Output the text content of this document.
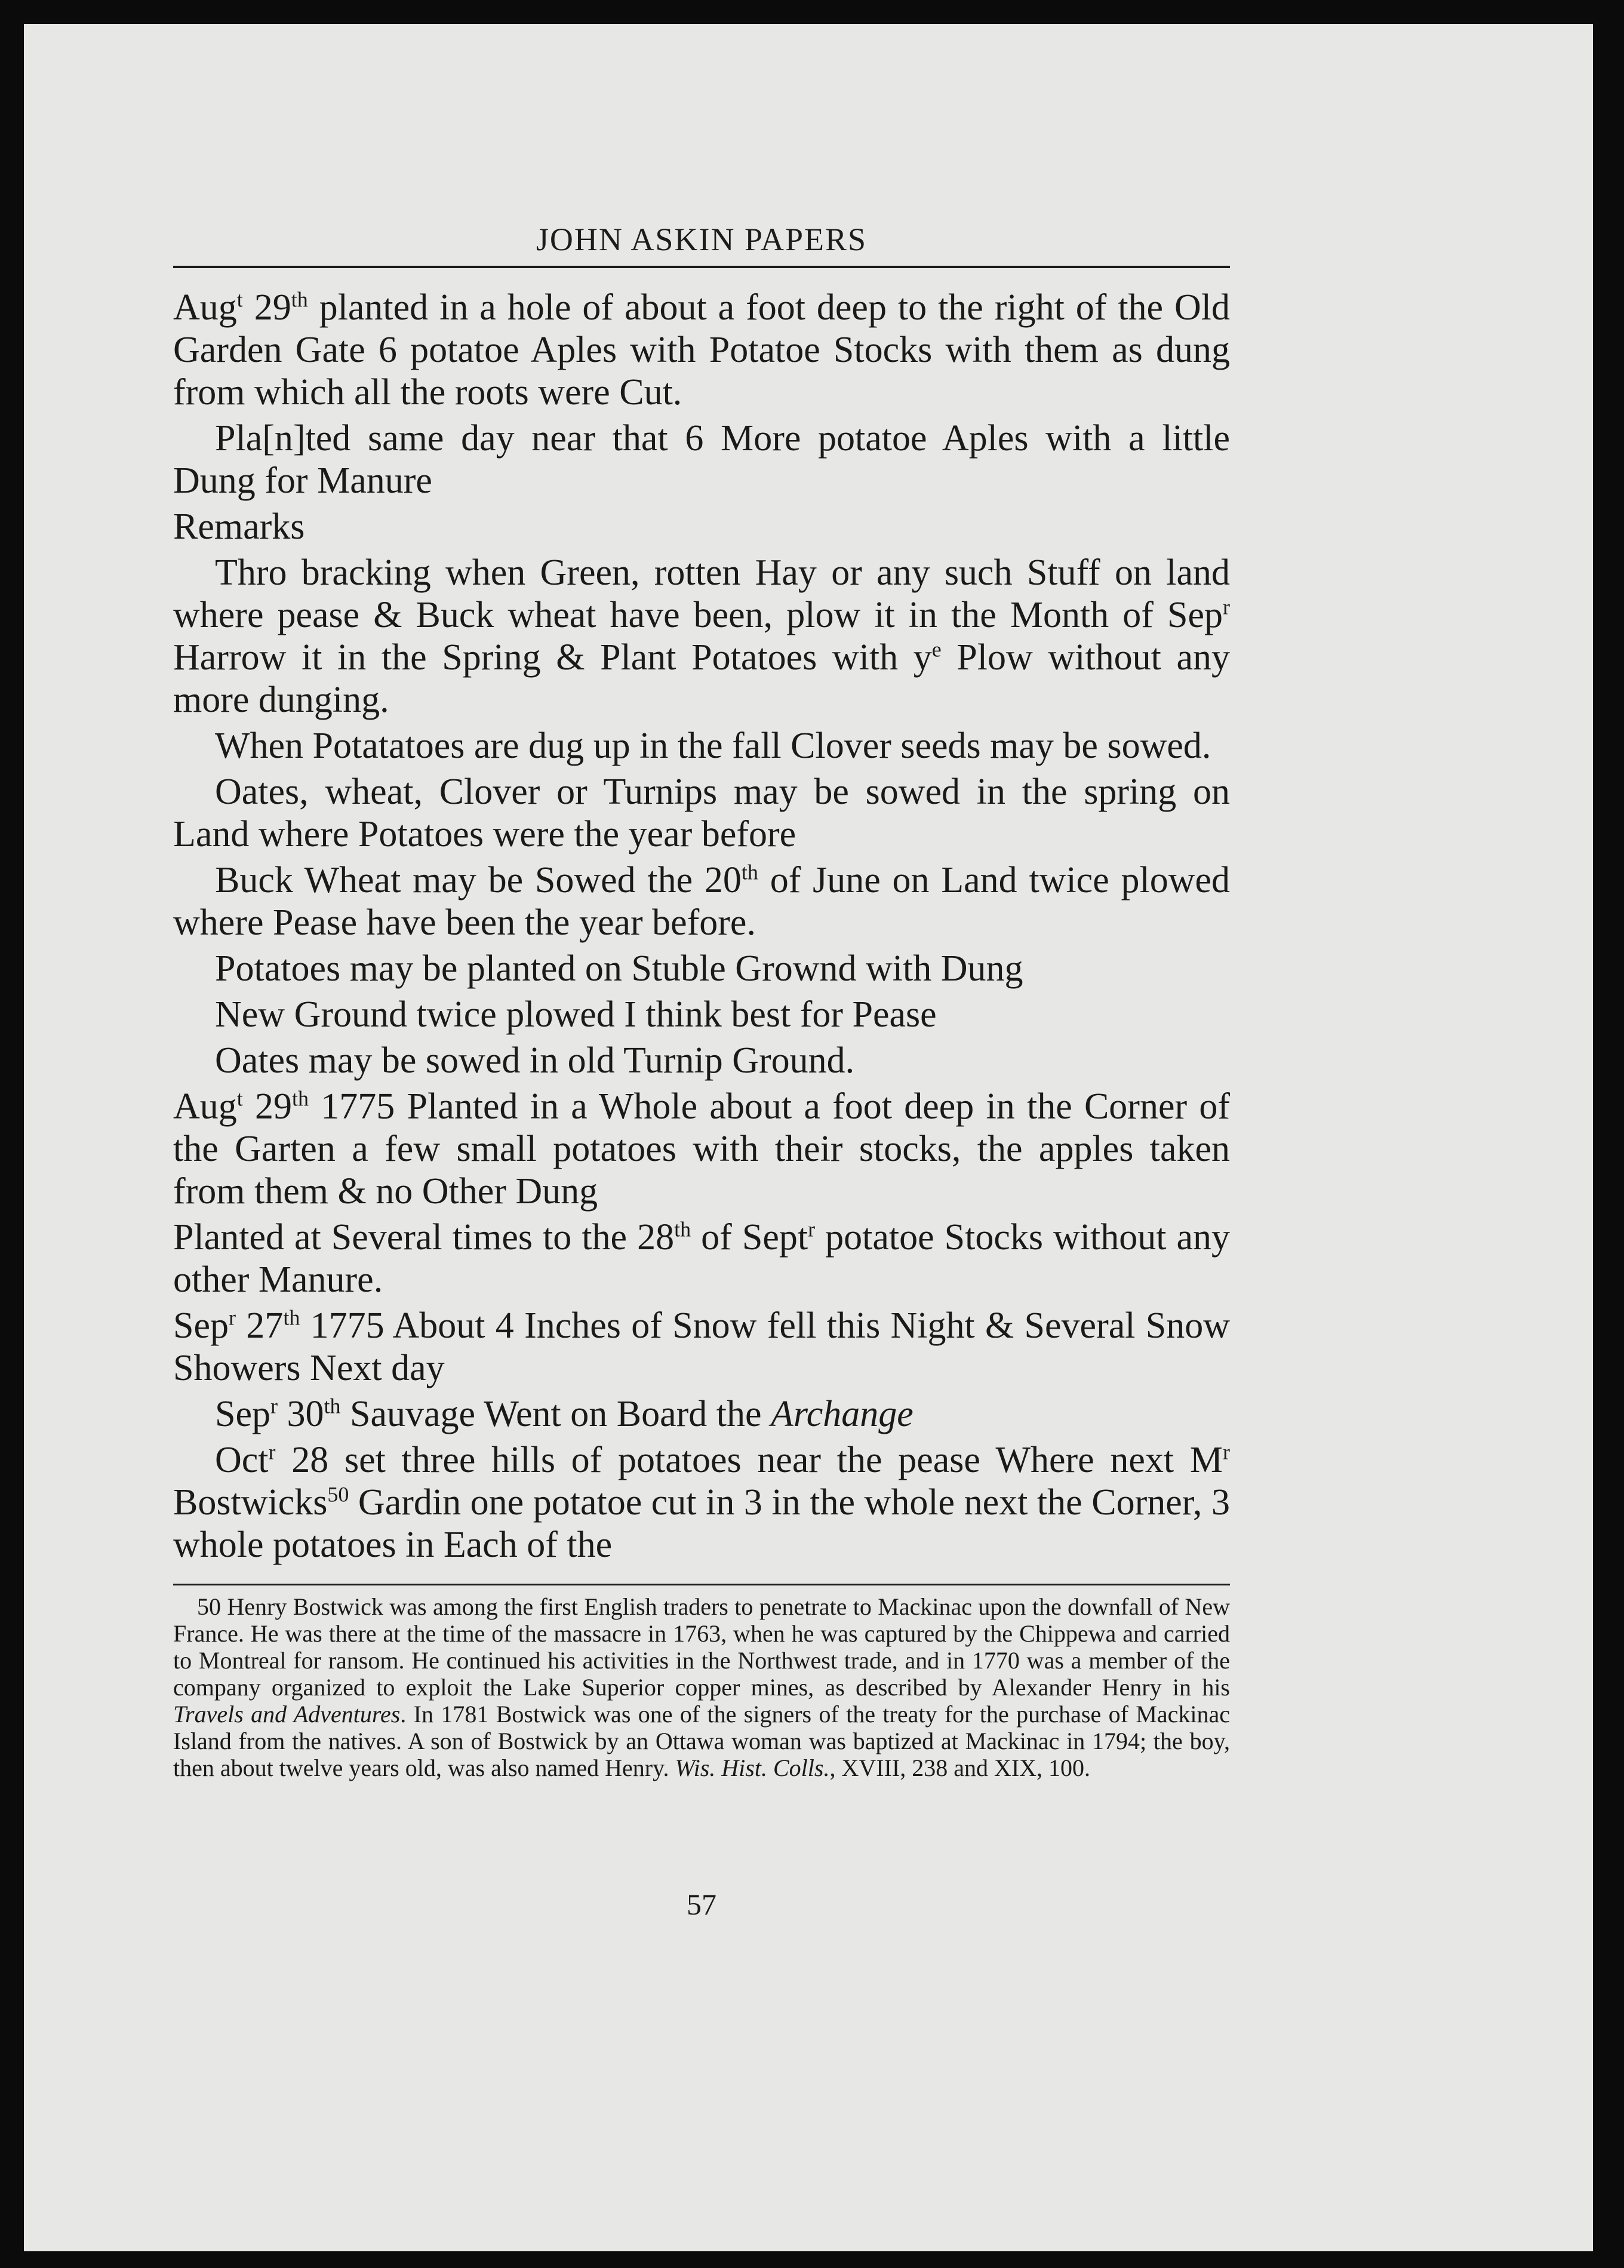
JOHN ASKIN PAPERS

Aug$^t$ 29th planted in a hole of about a foot deep to the right of the Old Garden Gate 6 potatoe Aples with Potatoe Stocks with them as dung from which all the roots were Cut.

Pla[n]ted same day near that 6 More potatoe Aples with a little Dung for Manure

Remarks

Thro bracking when Green, rotten Hay or any such Stuff on land where pease & Buck wheat have been, plow it in the Month of Sep$^r$ Harrow it in the Spring & Plant Potatoes with $y^e$ Plow without any more dunging.

When Potatatoes are dug up in the fall Clover seeds may be sowed.

Oates, wheat, Clover or Turnips may be sowed in the spring on Land where Potatoes were the year before

Buck Wheat may be Sowed the 20th of June on Land twice plowed where Pease have been the year before.

Potatoes may be planted on Stuble Grownd with Dung

New Ground twice plowed I think best for Pease

Oates may be sowed in old Turnip Ground.

Aug$^t$ 29th 1775 Planted in a Whole about a foot deep in the Corner of the Garten a few small potatoes with their stocks, the apples taken from them & no Other Dung

Planted at Several times to the 28th of Sept$^r$ potatoe Stocks without any other Manure.

Sep$^r$ 27th 1775 About 4 Inches of Snow fell this Night & Several Snow Showers Next day

Sep$^r$ 30th Sauvage Went on Board the Archange

Oct$^r$ 28 set three hills of potatoes near the pease Where next $M^r$ Bostwicks$^{50}$ Gardin one potatoe cut in 3 in the whole next the Corner, 3 whole potatoes in Each of the

50 Henry Bostwick was among the first English traders to penetrate to Mackinac upon the downfall of New France. He was there at the time of the massacre in 1763, when he was captured by the Chippewa and carried to Montreal for ransom. He continued his activities in the Northwest trade, and in 1770 was a member of the company organized to exploit the Lake Superior copper mines, as described by Alexander Henry in his Travels and Adventures. In 1781 Bostwick was one of the signers of the treaty for the purchase of Mackinac Island from the natives. A son of Bostwick by an Ottawa woman was baptized at Mackinac in 1794; the boy, then about twelve years old, was also named Henry. Wis. Hist. Colls., XVIII, 238 and XIX, 100.
57
